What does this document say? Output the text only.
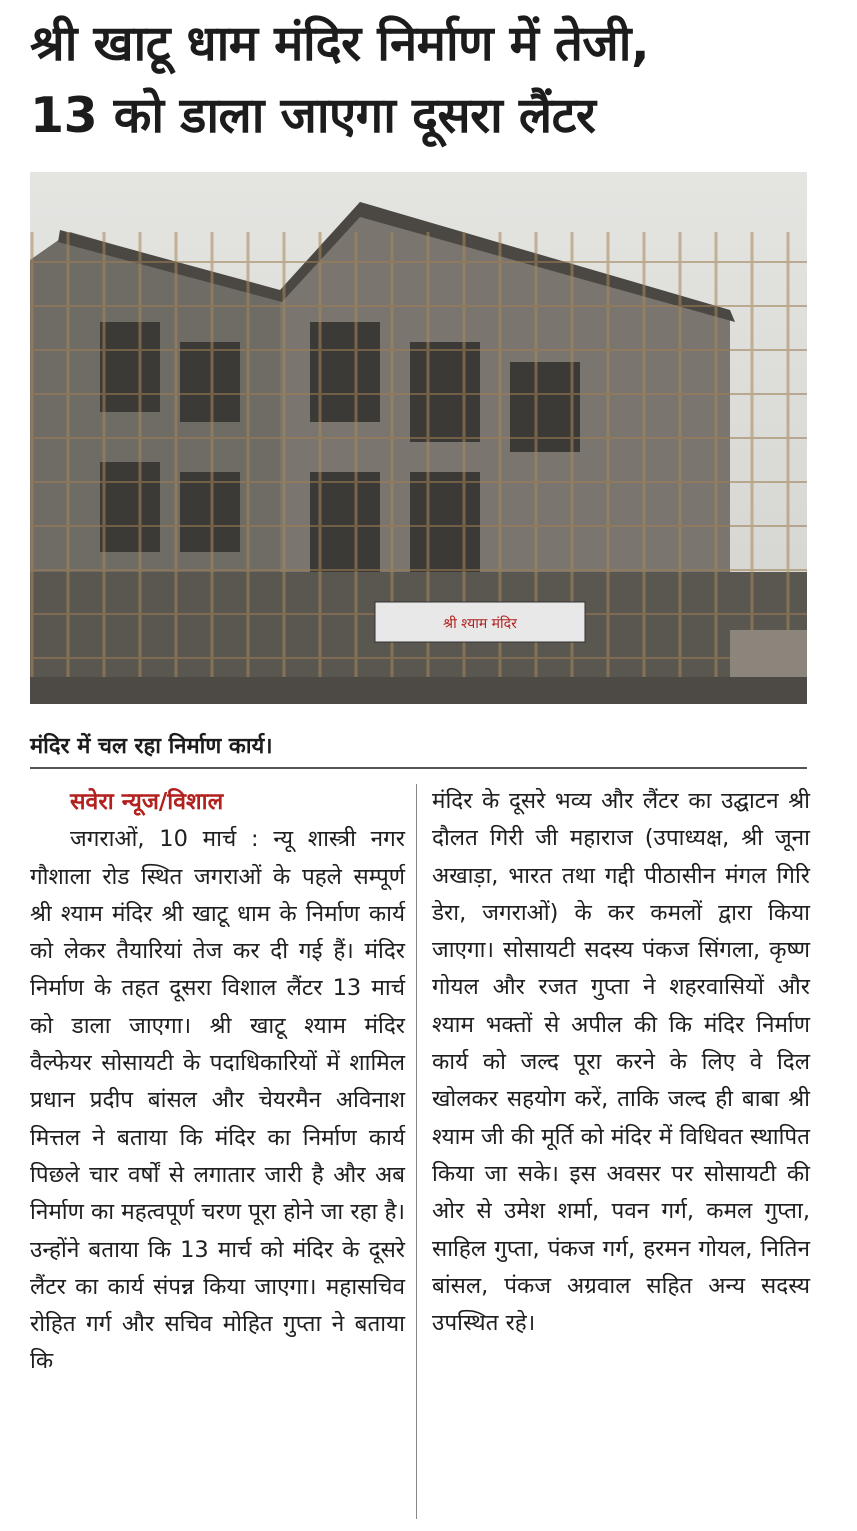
श्री खाटू धाम मंदिर निर्माण में तेजी,
13 को डाला जाएगा दूसरा लैंटर
श्री श्याम मंदिर
मंदिर में चल रहा निर्माण कार्य।
सवेरा न्यूज/विशाल

जगराओं, 10 मार्च : न्यू शास्त्री नगर गौशाला रोड स्थित जगराओं के पहले सम्पूर्ण श्री श्याम मंदिर श्री खाटू धाम के निर्माण कार्य को लेकर तैयारियां तेज कर दी गई हैं। मंदिर निर्माण के तहत दूसरा विशाल लैंटर 13 मार्च को डाला जाएगा। श्री खाटू श्याम मंदिर वैल्फेयर सोसायटी के पदाधिकारियों में शामिल प्रधान प्रदीप बांसल और चेयरमैन अविनाश मित्तल ने बताया कि मंदिर का निर्माण कार्य पिछले चार वर्षों से लगातार जारी है और अब निर्माण का महत्वपूर्ण चरण पूरा होने जा रहा है। उन्होंने बताया कि 13 मार्च को मंदिर के दूसरे लैंटर का कार्य संपन्न किया जाएगा। महासचिव रोहित गर्ग और सचिव मोहित गुप्ता ने बताया कि

मंदिर के दूसरे भव्य और लैंटर का उद्घाटन श्री दौलत गिरी जी महाराज (उपाध्यक्ष, श्री जूना अखाड़ा, भारत तथा गद्दी पीठासीन मंगल गिरि डेरा, जगराओं) के कर कमलों द्वारा किया जाएगा। सोसायटी सदस्य पंकज सिंगला, कृष्ण गोयल और रजत गुप्ता ने शहरवासियों और श्याम भक्तों से अपील की कि मंदिर निर्माण कार्य को जल्द पूरा करने के लिए वे दिल खोलकर सहयोग करें, ताकि जल्द ही बाबा श्री श्याम जी की मूर्ति को मंदिर में विधिवत स्थापित किया जा सके। इस अवसर पर सोसायटी की ओर से उमेश शर्मा, पवन गर्ग, कमल गुप्ता, साहिल गुप्ता, पंकज गर्ग, हरमन गोयल, नितिन बांसल, पंकज अग्रवाल सहित अन्य सदस्य उपस्थित रहे।
